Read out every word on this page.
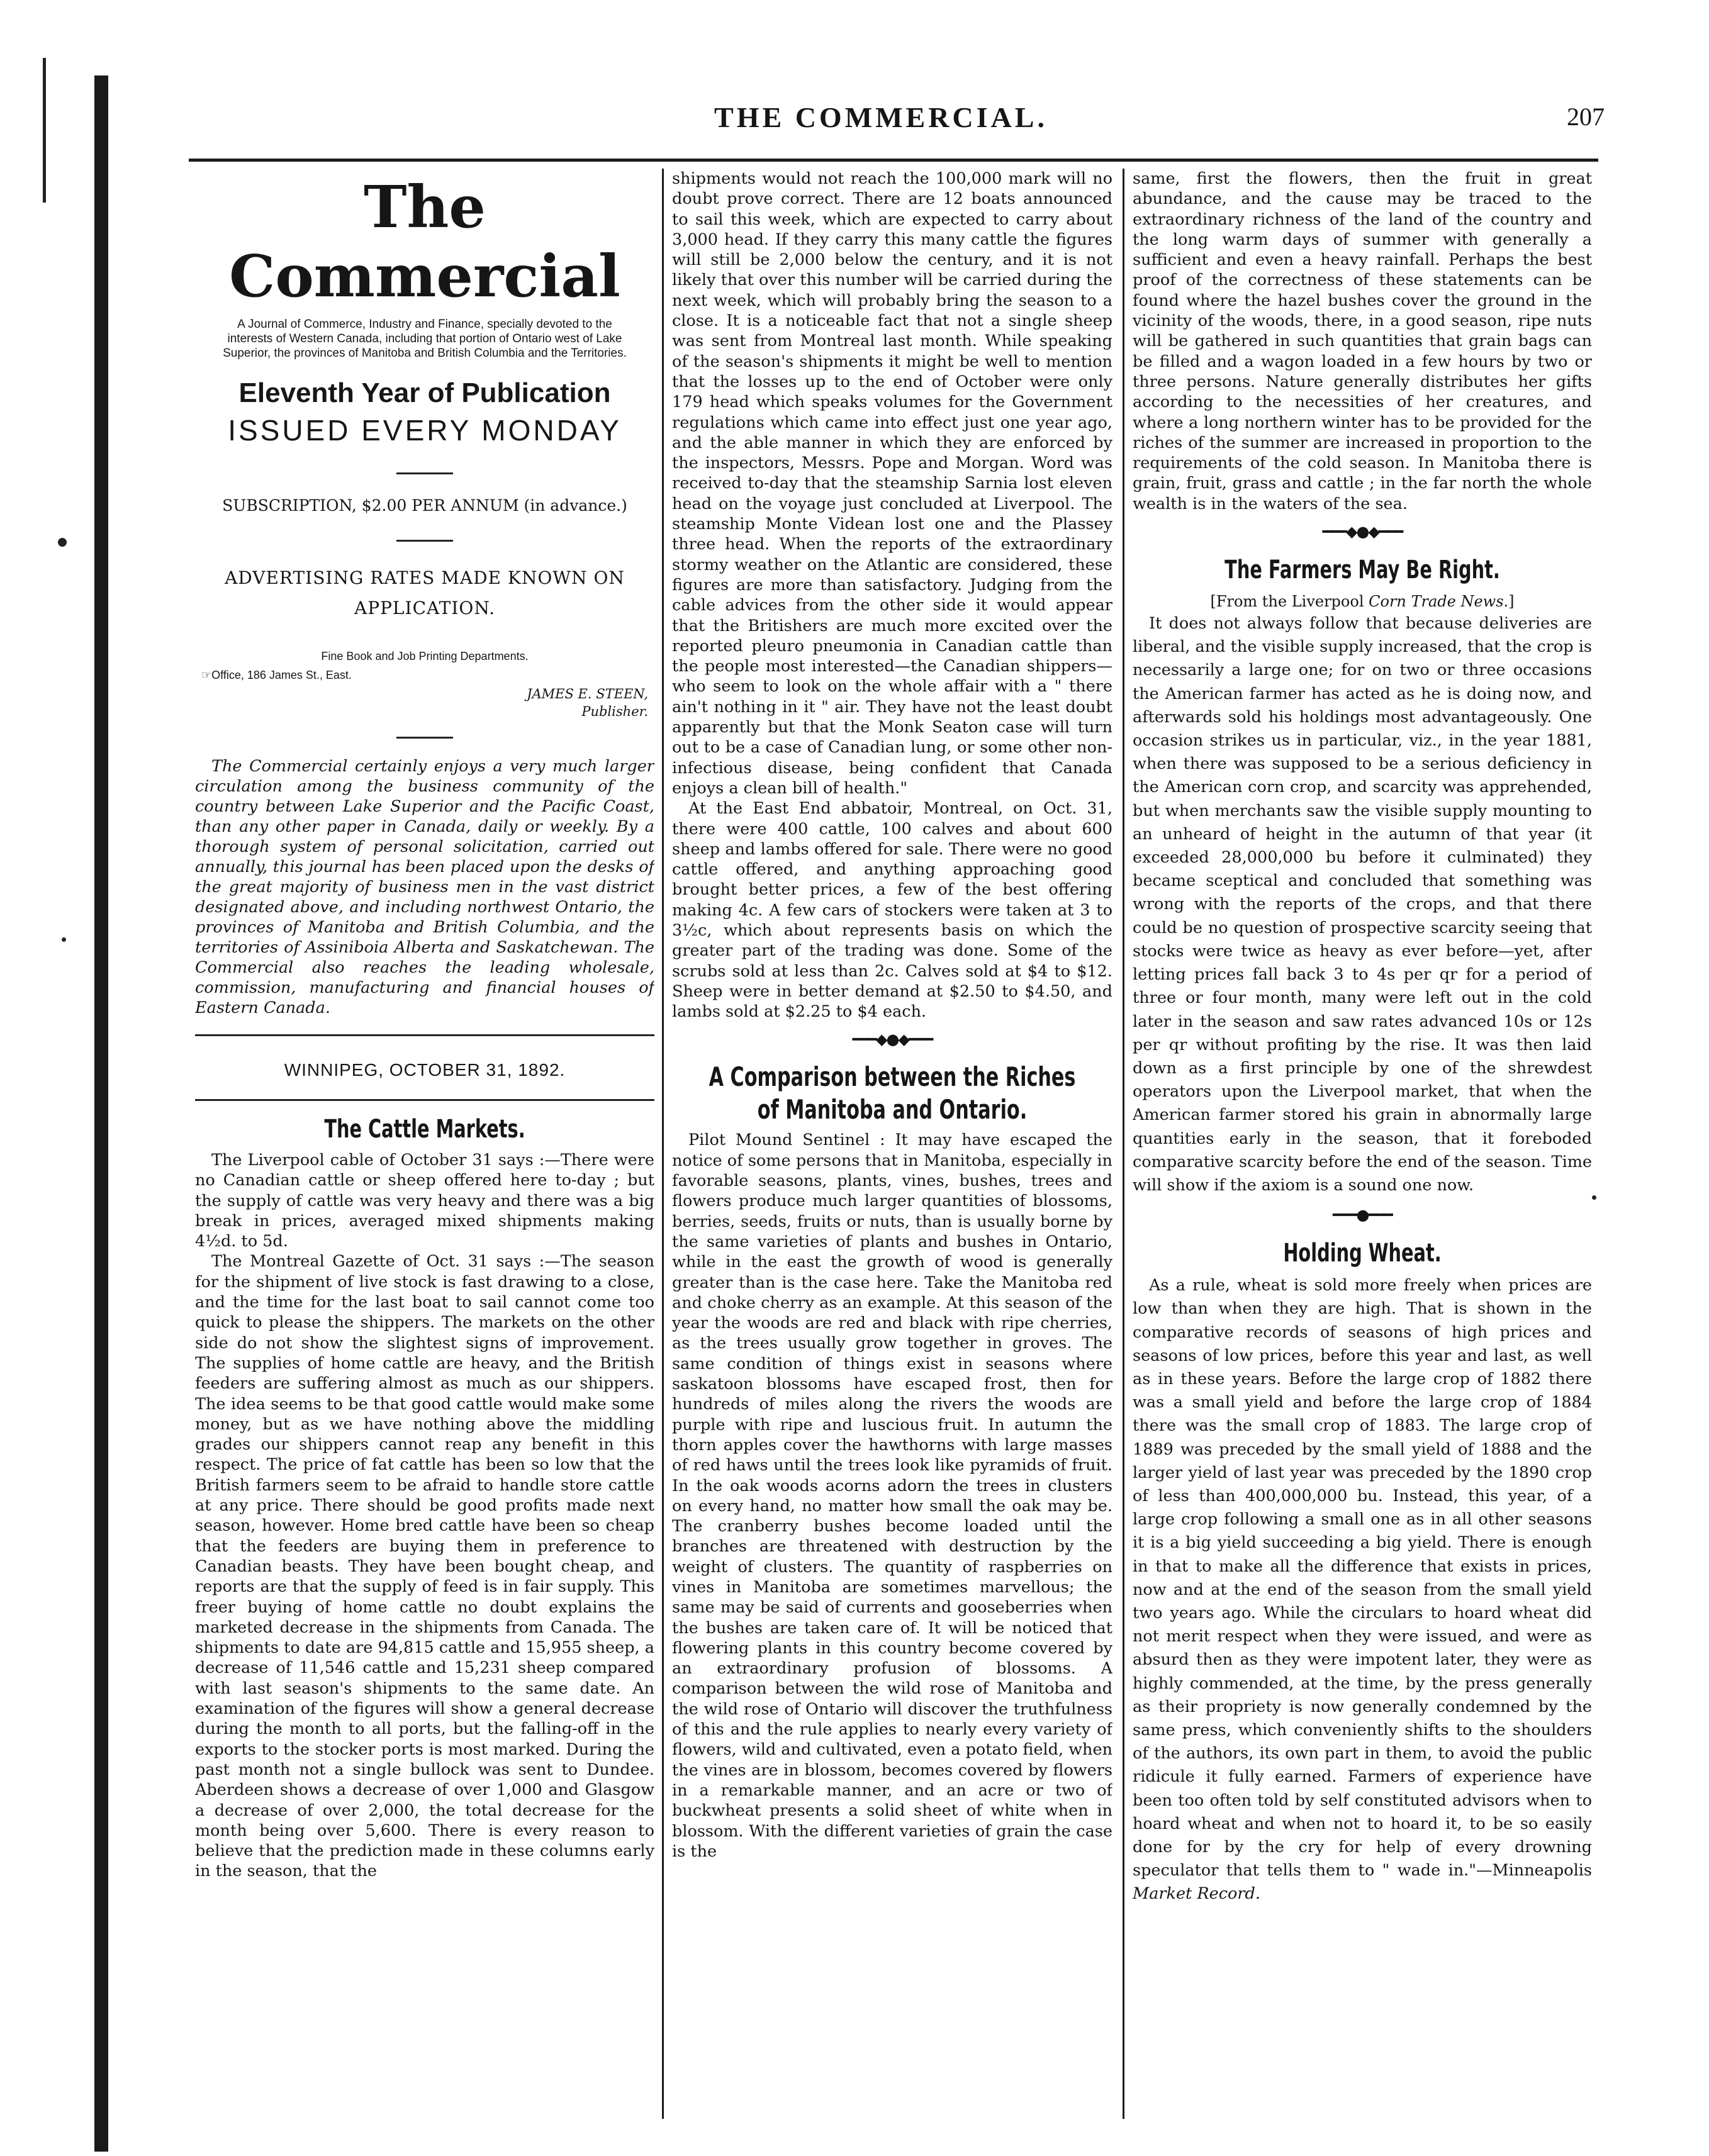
THE COMMERCIAL.	207
The Commercial
A Journal of Commerce, Industry and Finance, specially devoted to the interests of Western Canada, including that portion of Ontario west of Lake Superior, the provinces of Manitoba and British Columbia and the Territories.
Eleventh Year of Publication
ISSUED EVERY MONDAY
SUBSCRIPTION, $2.00 PER ANNUM (in advance.)
ADVERTISING RATES MADE KNOWN ON APPLICATION.
Fine Book and Job Printing Departments.
☞Office, 186 James St., East.
JAMES E. STEEN,
Publisher.
The Commercial certainly enjoys a very much larger circulation among the business community of the country between Lake Superior and the Pacific Coast, than any other paper in Canada, daily or weekly. By a thorough system of personal solicitation, carried out annually, this journal has been placed upon the desks of the great majority of business men in the vast district designated above, and including northwest Ontario, the provinces of Manitoba and British Columbia, and the territories of Assiniboia Alberta and Saskatchewan. The Commercial also reaches the leading wholesale, commission, manufacturing and financial houses of Eastern Canada.
WINNIPEG, OCTOBER 31, 1892.
The Cattle Markets.

The Liverpool cable of October 31 says :—There were no Canadian cattle or sheep offered here to-day ; but the supply of cattle was very heavy and there was a big break in prices, averaged mixed shipments making 4½d. to 5d.

The Montreal Gazette of Oct. 31 says :—The season for the shipment of live stock is fast drawing to a close, and the time for the last boat to sail cannot come too quick to please the shippers. The markets on the other side do not show the slightest signs of improvement. The supplies of home cattle are heavy, and the British feeders are suffering almost as much as our shippers. The idea seems to be that good cattle would make some money, but as we have nothing above the middling grades our shippers cannot reap any benefit in this respect. The price of fat cattle has been so low that the British farmers seem to be afraid to handle store cattle at any price. There should be good profits made next season, however. Home bred cattle have been so cheap that the feeders are buying them in preference to Canadian beasts. They have been bought cheap, and reports are that the supply of feed is in fair supply. This freer buying of home cattle no doubt explains the marketed decrease in the shipments from Canada. The shipments to date are 94,815 cattle and 15,955 sheep, a decrease of 11,546 cattle and 15,231 sheep compared with last season's shipments to the same date. An examination of the figures will show a general decrease during the month to all ports, but the falling-off in the exports to the stocker ports is most marked. During the past month not a single bullock was sent to Dundee. Aberdeen shows a decrease of over 1,000 and Glasgow a decrease of over 2,000, the total decrease for the month being over 5,600. There is every reason to believe that the prediction made in these columns early in the season, that the

shipments would not reach the 100,000 mark will no doubt prove correct. There are 12 boats announced to sail this week, which are expected to carry about 3,000 head. If they carry this many cattle the figures will still be 2,000 below the century, and it is not likely that over this number will be carried during the next week, which will probably bring the season to a close. It is a noticeable fact that not a single sheep was sent from Montreal last month. While speaking of the season's shipments it might be well to mention that the losses up to the end of October were only 179 head which speaks volumes for the Government regulations which came into effect just one year ago, and the able manner in which they are enforced by the inspectors, Messrs. Pope and Morgan. Word was received to-day that the steamship Sarnia lost eleven head on the voyage just concluded at Liverpool. The steamship Monte Videan lost one and the Plassey three head. When the reports of the extraordinary stormy weather on the Atlantic are considered, these figures are more than satisfactory. Judging from the cable advices from the other side it would appear that the Britishers are much more excited over the reported pleuro pneumonia in Canadian cattle than the people most interested—the Canadian shippers—who seem to look on the whole affair with a " there ain't nothing in it " air. They have not the least doubt apparently but that the Monk Seaton case will turn out to be a case of Canadian lung, or some other non-infectious disease, being confident that Canada enjoys a clean bill of health."

At the East End abbatoir, Montreal, on Oct. 31, there were 400 cattle, 100 calves and about 600 sheep and lambs offered for sale. There were no good cattle offered, and anything approaching good brought better prices, a few of the best offering making 4c. A few cars of stockers were taken at 3 to 3½c, which about represents basis on which the greater part of the trading was done. Some of the scrubs sold at less than 2c. Calves sold at $4 to $12. Sheep were in better demand at $2.50 to $4.50, and lambs sold at $2.25 to $4 each.

━━━◆●◆━━━
A Comparison between the Riches of Manitoba and Ontario.

Pilot Mound Sentinel : It may have escaped the notice of some persons that in Manitoba, especially in favorable seasons, plants, vines, bushes, trees and flowers produce much larger quantities of blossoms, berries, seeds, fruits or nuts, than is usually borne by the same varieties of plants and bushes in Ontario, while in the east the growth of wood is generally greater than is the case here. Take the Manitoba red and choke cherry as an example. At this season of the year the woods are red and black with ripe cherries, as the trees usually grow together in groves. The same condition of things exist in seasons where saskatoon blossoms have escaped frost, then for hundreds of miles along the rivers the woods are purple with ripe and luscious fruit. In autumn the thorn apples cover the hawthorns with large masses of red haws until the trees look like pyramids of fruit. In the oak woods acorns adorn the trees in clusters on every hand, no matter how small the oak may be. The cranberry bushes become loaded until the branches are threatened with destruction by the weight of clusters. The quantity of raspberries on vines in Manitoba are sometimes marvellous; the same may be said of currents and gooseberries when the bushes are taken care of. It will be noticed that flowering plants in this country become covered by an extraordinary profusion of blossoms. A comparison between the wild rose of Manitoba and the wild rose of Ontario will discover the truthfulness of this and the rule applies to nearly every variety of flowers, wild and cultivated, even a potato field, when the vines are in blossom, becomes covered by flowers in a remarkable manner, and an acre or two of buckwheat presents a solid sheet of white when in blossom. With the different varieties of grain the case is the

same, first the flowers, then the fruit in great abundance, and the cause may be traced to the extraordinary richness of the land of the country and the long warm days of summer with generally a sufficient and even a heavy rainfall. Perhaps the best proof of the correctness of these statements can be found where the hazel bushes cover the ground in the vicinity of the woods, there, in a good season, ripe nuts will be gathered in such quantities that grain bags can be filled and a wagon loaded in a few hours by two or three persons. Nature generally distributes her gifts according to the necessities of her creatures, and where a long northern winter has to be provided for the riches of the summer are increased in proportion to the requirements of the cold season. In Manitoba there is grain, fruit, grass and cattle ; in the far north the whole wealth is in the waters of the sea.

━━━◆●◆━━━
The Farmers May Be Right.
[From the Liverpool Corn Trade News.]

It does not always follow that because deliveries are liberal, and the visible supply increased, that the crop is necessarily a large one; for on two or three occasions the American farmer has acted as he is doing now, and afterwards sold his holdings most advantageously. One occasion strikes us in particular, viz., in the year 1881, when there was supposed to be a serious deficiency in the American corn crop, and scarcity was apprehended, but when merchants saw the visible supply mounting to an unheard of height in the autumn of that year (it exceeded 28,000,000 bu before it culminated) they became sceptical and concluded that something was wrong with the reports of the crops, and that there could be no question of prospective scarcity seeing that stocks were twice as heavy as ever before—yet, after letting prices fall back 3 to 4s per qr for a period of three or four month, many were left out in the cold later in the season and saw rates advanced 10s or 12s per qr without profiting by the rise. It was then laid down as a first principle by one of the shrewdest operators upon the Liverpool market, that when the American farmer stored his grain in abnormally large quantities early in the season, that it foreboded comparative scarcity before the end of the season. Time will show if the axiom is a sound one now.

━━━●━━━
Holding Wheat.

As a rule, wheat is sold more freely when prices are low than when they are high. That is shown in the comparative records of seasons of high prices and seasons of low prices, before this year and last, as well as in these years. Before the large crop of 1882 there was a small yield and before the large crop of 1884 there was the small crop of 1883. The large crop of 1889 was preceded by the small yield of 1888 and the larger yield of last year was preceded by the 1890 crop of less than 400,000,000 bu. Instead, this year, of a large crop following a small one as in all other seasons it is a big yield succeeding a big yield. There is enough in that to make all the difference that exists in prices, now and at the end of the season from the small yield two years ago. While the circulars to hoard wheat did not merit respect when they were issued, and were as absurd then as they were impotent later, they were as highly commended, at the time, by the press generally as their propriety is now generally condemned by the same press, which conveniently shifts to the shoulders of the authors, its own part in them, to avoid the public ridicule it fully earned. Farmers of experience have been too often told by self constituted advisors when to hoard wheat and when not to hoard it, to be so easily done for by the cry for help of every drowning speculator that tells them to " wade in."—Minneapolis Market Record.
